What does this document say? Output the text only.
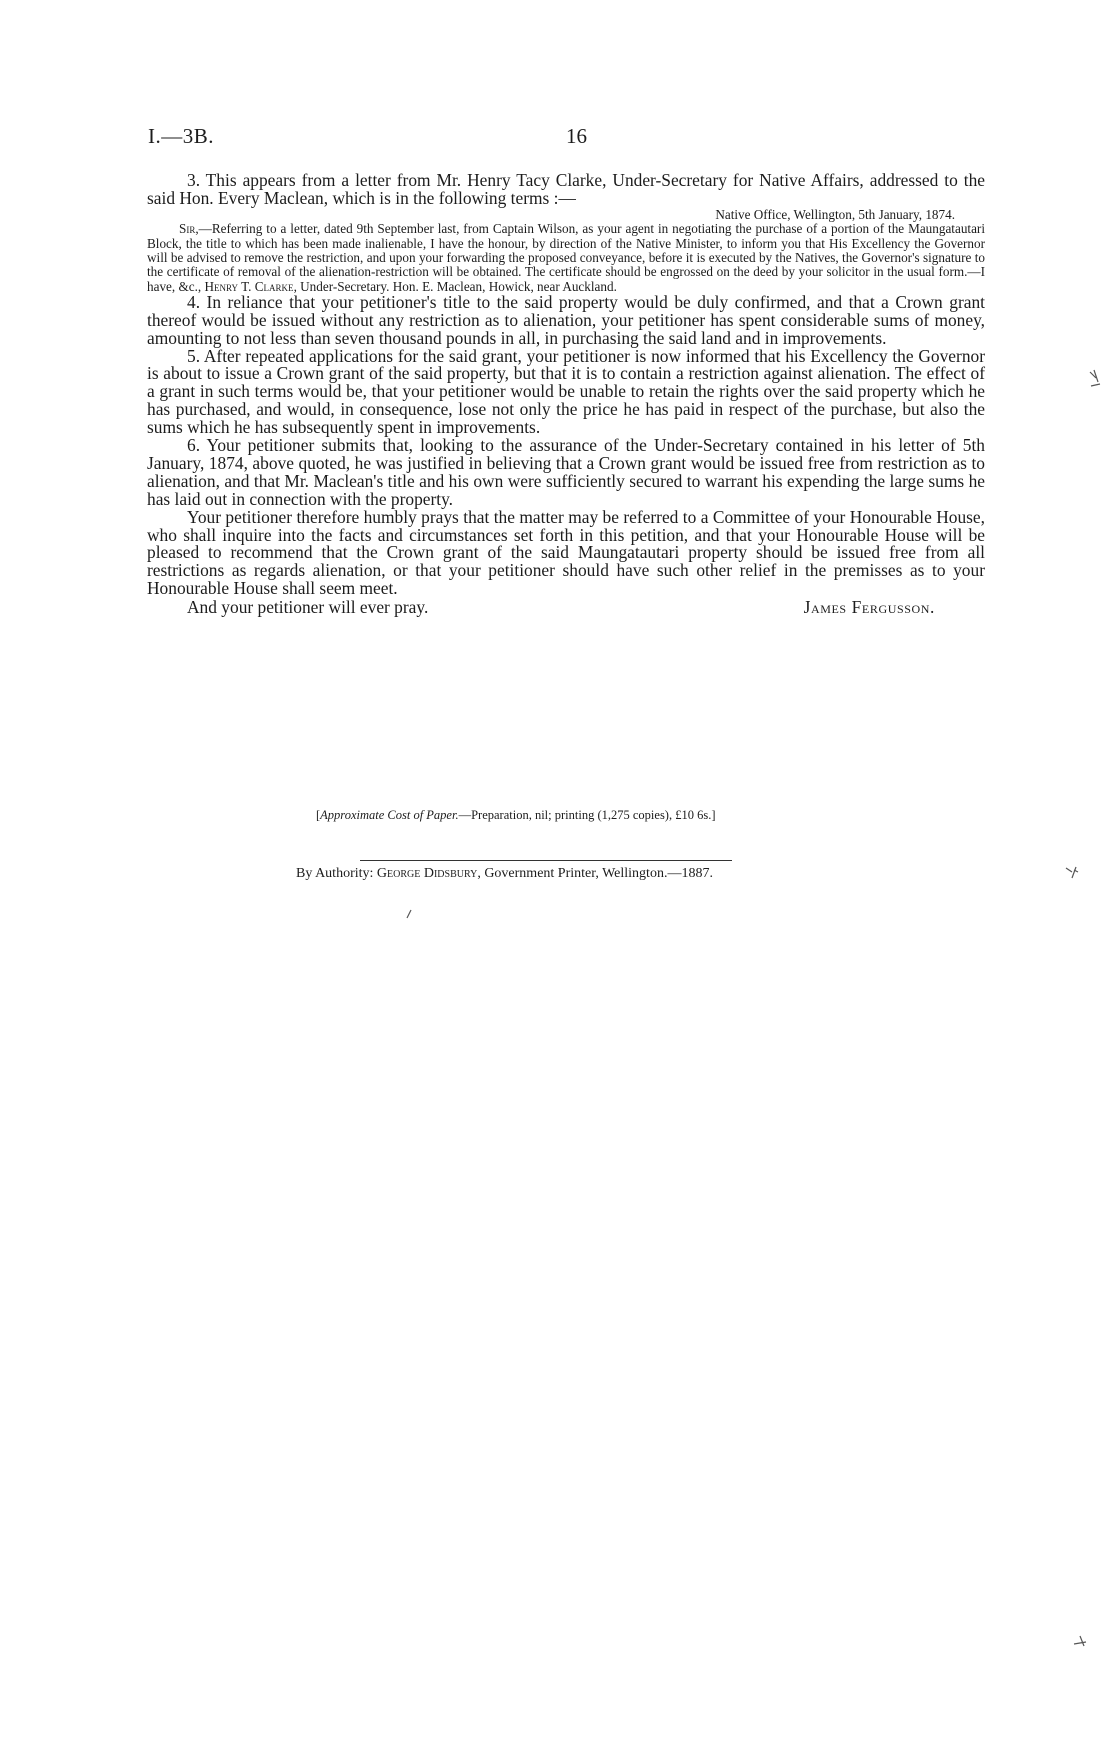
I.—3B.	16

3. This appears from a letter from Mr. Henry Tacy Clarke, Under-Secretary for Native Affairs, addressed to the said Hon. Every Maclean, which is in the following terms :—

Native Office, Wellington, 5th January, 1874.

Sir,—Referring to a letter, dated 9th September last, from Captain Wilson, as your agent in negotiating the purchase of a portion of the Maungatautari Block, the title to which has been made inalienable, I have the honour, by direction of the Native Minister, to inform you that His Excellency the Governor will be advised to remove the restriction, and upon your forwarding the proposed conveyance, before it is executed by the Natives, the Governor's signature to the certificate of removal of the alienation-restriction will be obtained. The certificate should be engrossed on the deed by your solicitor in the usual form.—I have, &c., Henry T. Clarke, Under-Secretary. Hon. E. Maclean, Howick, near Auckland.

4. In reliance that your petitioner's title to the said property would be duly confirmed, and that a Crown grant thereof would be issued without any restriction as to alienation, your petitioner has spent considerable sums of money, amounting to not less than seven thousand pounds in all, in purchasing the said land and in improvements.

5. After repeated applications for the said grant, your petitioner is now informed that his Excellency the Governor is about to issue a Crown grant of the said property, but that it is to contain a restriction against alienation. The effect of a grant in such terms would be, that your petitioner would be unable to retain the rights over the said property which he has purchased, and would, in consequence, lose not only the price he has paid in respect of the purchase, but also the sums which he has subsequently spent in improvements.

6. Your petitioner submits that, looking to the assurance of the Under-Secretary contained in his letter of 5th January, 1874, above quoted, he was justified in believing that a Crown grant would be issued free from restriction as to alienation, and that Mr. Maclean's title and his own were sufficiently secured to warrant his expending the large sums he has laid out in connection with the property.

Your petitioner therefore humbly prays that the matter may be referred to a Committee of your Honourable House, who shall inquire into the facts and circumstances set forth in this petition, and that your Honourable House will be pleased to recommend that the Crown grant of the said Maungatautari property should be issued free from all restrictions as regards alienation, or that your petitioner should have such other relief in the premisses as to your Honourable House shall seem meet.

And your petitioner will ever pray.	James Fergusson.
[Approximate Cost of Paper.—Preparation, nil; printing (1,275 copies), £10 6s.]
By Authority: George Didsbury, Government Printer, Wellington.—1887.
